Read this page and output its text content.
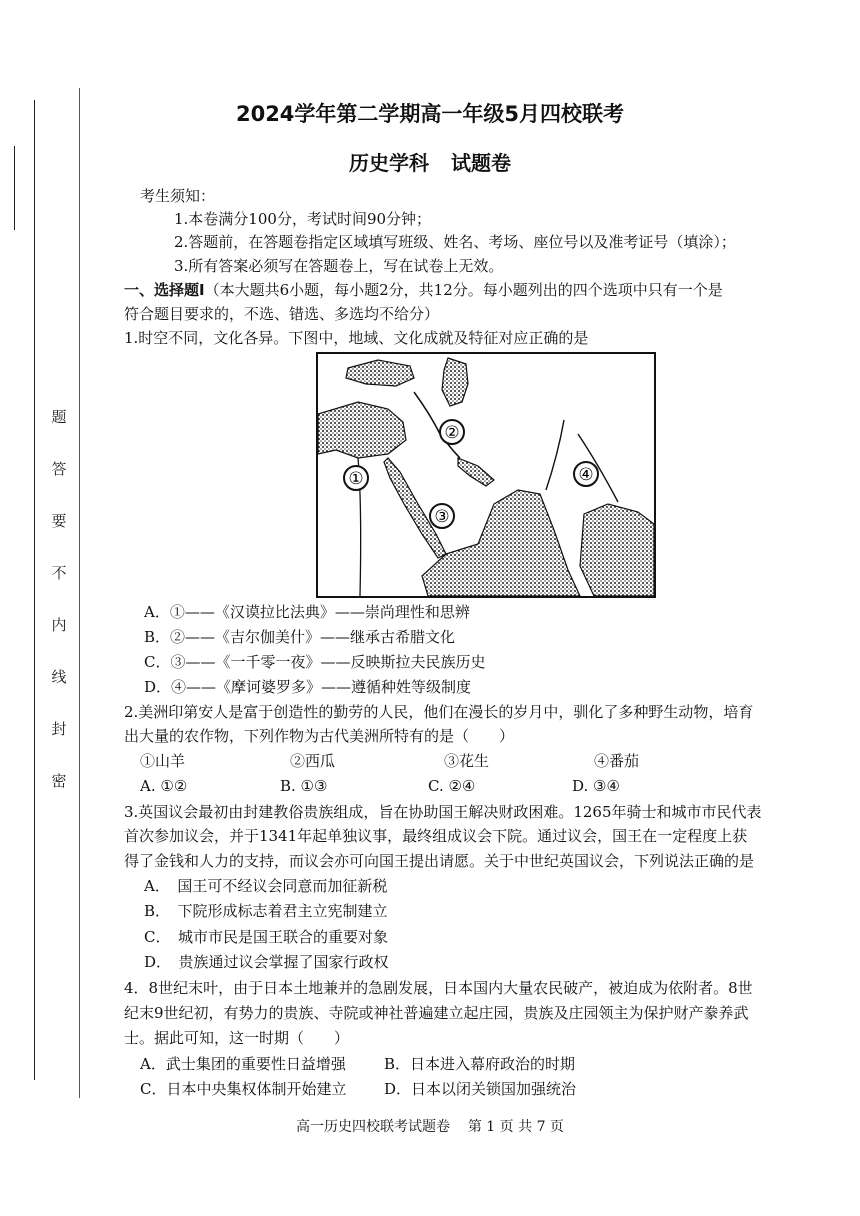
题
答
要
不
内
线
封
密
2024学年第二学期高一年级5月四校联考
历史学科 试题卷
考生须知：
1.本卷满分100分，考试时间90分钟；
2.答题前，在答题卷指定区域填写班级、姓名、考场、座位号以及准考证号（填涂）；
3.所有答案必须写在答题卷上，写在试卷上无效。
一、选择题Ⅰ（本大题共6小题，每小题2分，共12分。每小题列出的四个选项中只有一个是
符合题目要求的，不选、错选、多选均不给分）
1.时空不同，文化各异。下图中，地域、文化成就及特征对应正确的是
①
②
③
④
A．①——《汉谟拉比法典》——崇尚理性和思辨
B．②——《吉尔伽美什》——继承古希腊文化
C．③——《一千零一夜》——反映斯拉夫民族历史
D．④——《摩诃婆罗多》——遵循种姓等级制度
2.美洲印第安人是富于创造性的勤劳的人民，他们在漫长的岁月中，驯化了多种野生动物，培育
出大量的农作物，下列作物为古代美洲所特有的是（　　）
①山羊	②西瓜	③花生	④番茄
A. ①②	B. ①③	C. ②④	D. ③④
3.英国议会最初由封建教俗贵族组成，旨在协助国王解决财政困难。1265年骑士和城市市民代表
首次参加议会，并于1341年起单独议事，最终组成议会下院。通过议会，国王在一定程度上获
得了金钱和人力的支持，而议会亦可向国王提出请愿。关于中世纪英国议会，下列说法正确的是
A．　国王可不经议会同意而加征新税
B．　下院形成标志着君主立宪制建立
C．　城市市民是国王联合的重要对象
D．　贵族通过议会掌握了国家行政权
4．8世纪末叶，由于日本土地兼并的急剧发展，日本国内大量农民破产，被迫成为依附者。8世
纪末9世纪初，有势力的贵族、寺院或神社普遍建立起庄园，贵族及庄园领主为保护财产豢养武
士。据此可知，这一时期（　　）
A．武士集团的重要性日益增强	B．日本进入幕府政治的时期
C．日本中央集权体制开始建立	D．日本以闭关锁国加强统治
高一历史四校联考试题卷 第 1 页 共 7 页
